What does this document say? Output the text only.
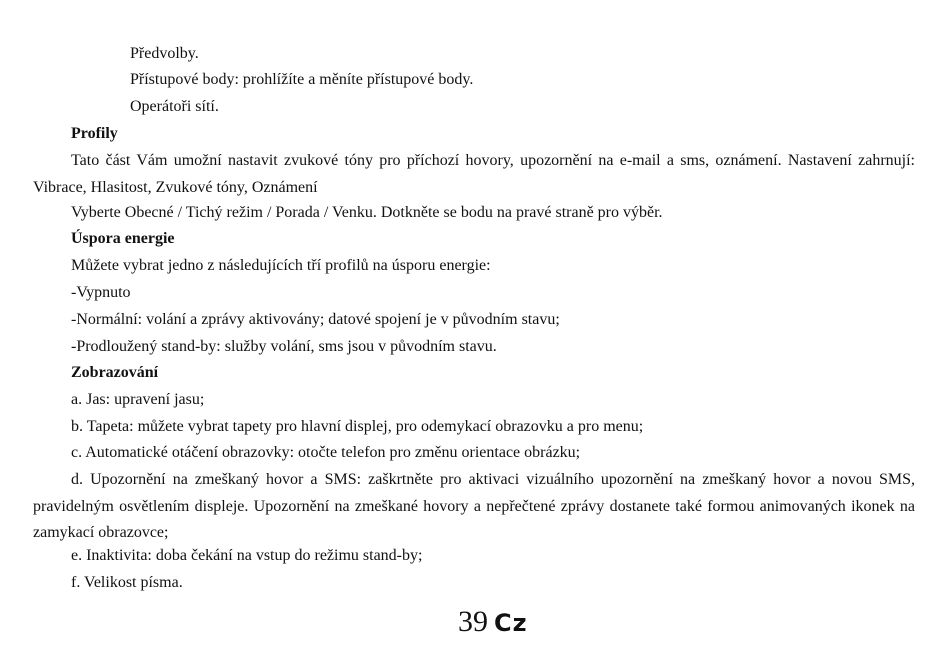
Předvolby.

Přístupové body: prohlížíte a měníte přístupové body.

Operátoři sítí.

Profily

Tato část Vám umožní nastavit zvukové tóny pro příchozí hovory, upozornění na e-mail a sms, oznámení. Nastavení zahrnují: Vibrace, Hlasitost, Zvukové tóny, Oznámení

Vyberte Obecné / Tichý režim / Porada / Venku. Dotkněte se bodu na pravé straně pro výběr.

Úspora energie

Můžete vybrat jedno z následujících tří profilů na úsporu energie:

-Vypnuto

-Normální: volání a zprávy aktivovány; datové spojení je v původním stavu;

-Prodloužený stand-by: služby volání, sms jsou v původním stavu.

Zobrazování

a. Jas: upravení jasu;

b. Tapeta: můžete vybrat tapety pro hlavní displej, pro odemykací obrazovku a pro menu;

c. Automatické otáčení obrazovky: otočte telefon pro změnu orientace obrázku;

d. Upozornění na zmeškaný hovor a SMS: zaškrtněte pro aktivaci vizuálního upozornění na zmeškaný hovor a novou SMS, pravidelným osvětlením displeje. Upozornění na zmeškané hovory a nepřečtené zprávy dostanete také formou animovaných ikonek na zamykací obrazovce;

e. Inaktivita: doba čekání na vstup do režimu stand-by;

f. Velikost písma.

39 Cz
